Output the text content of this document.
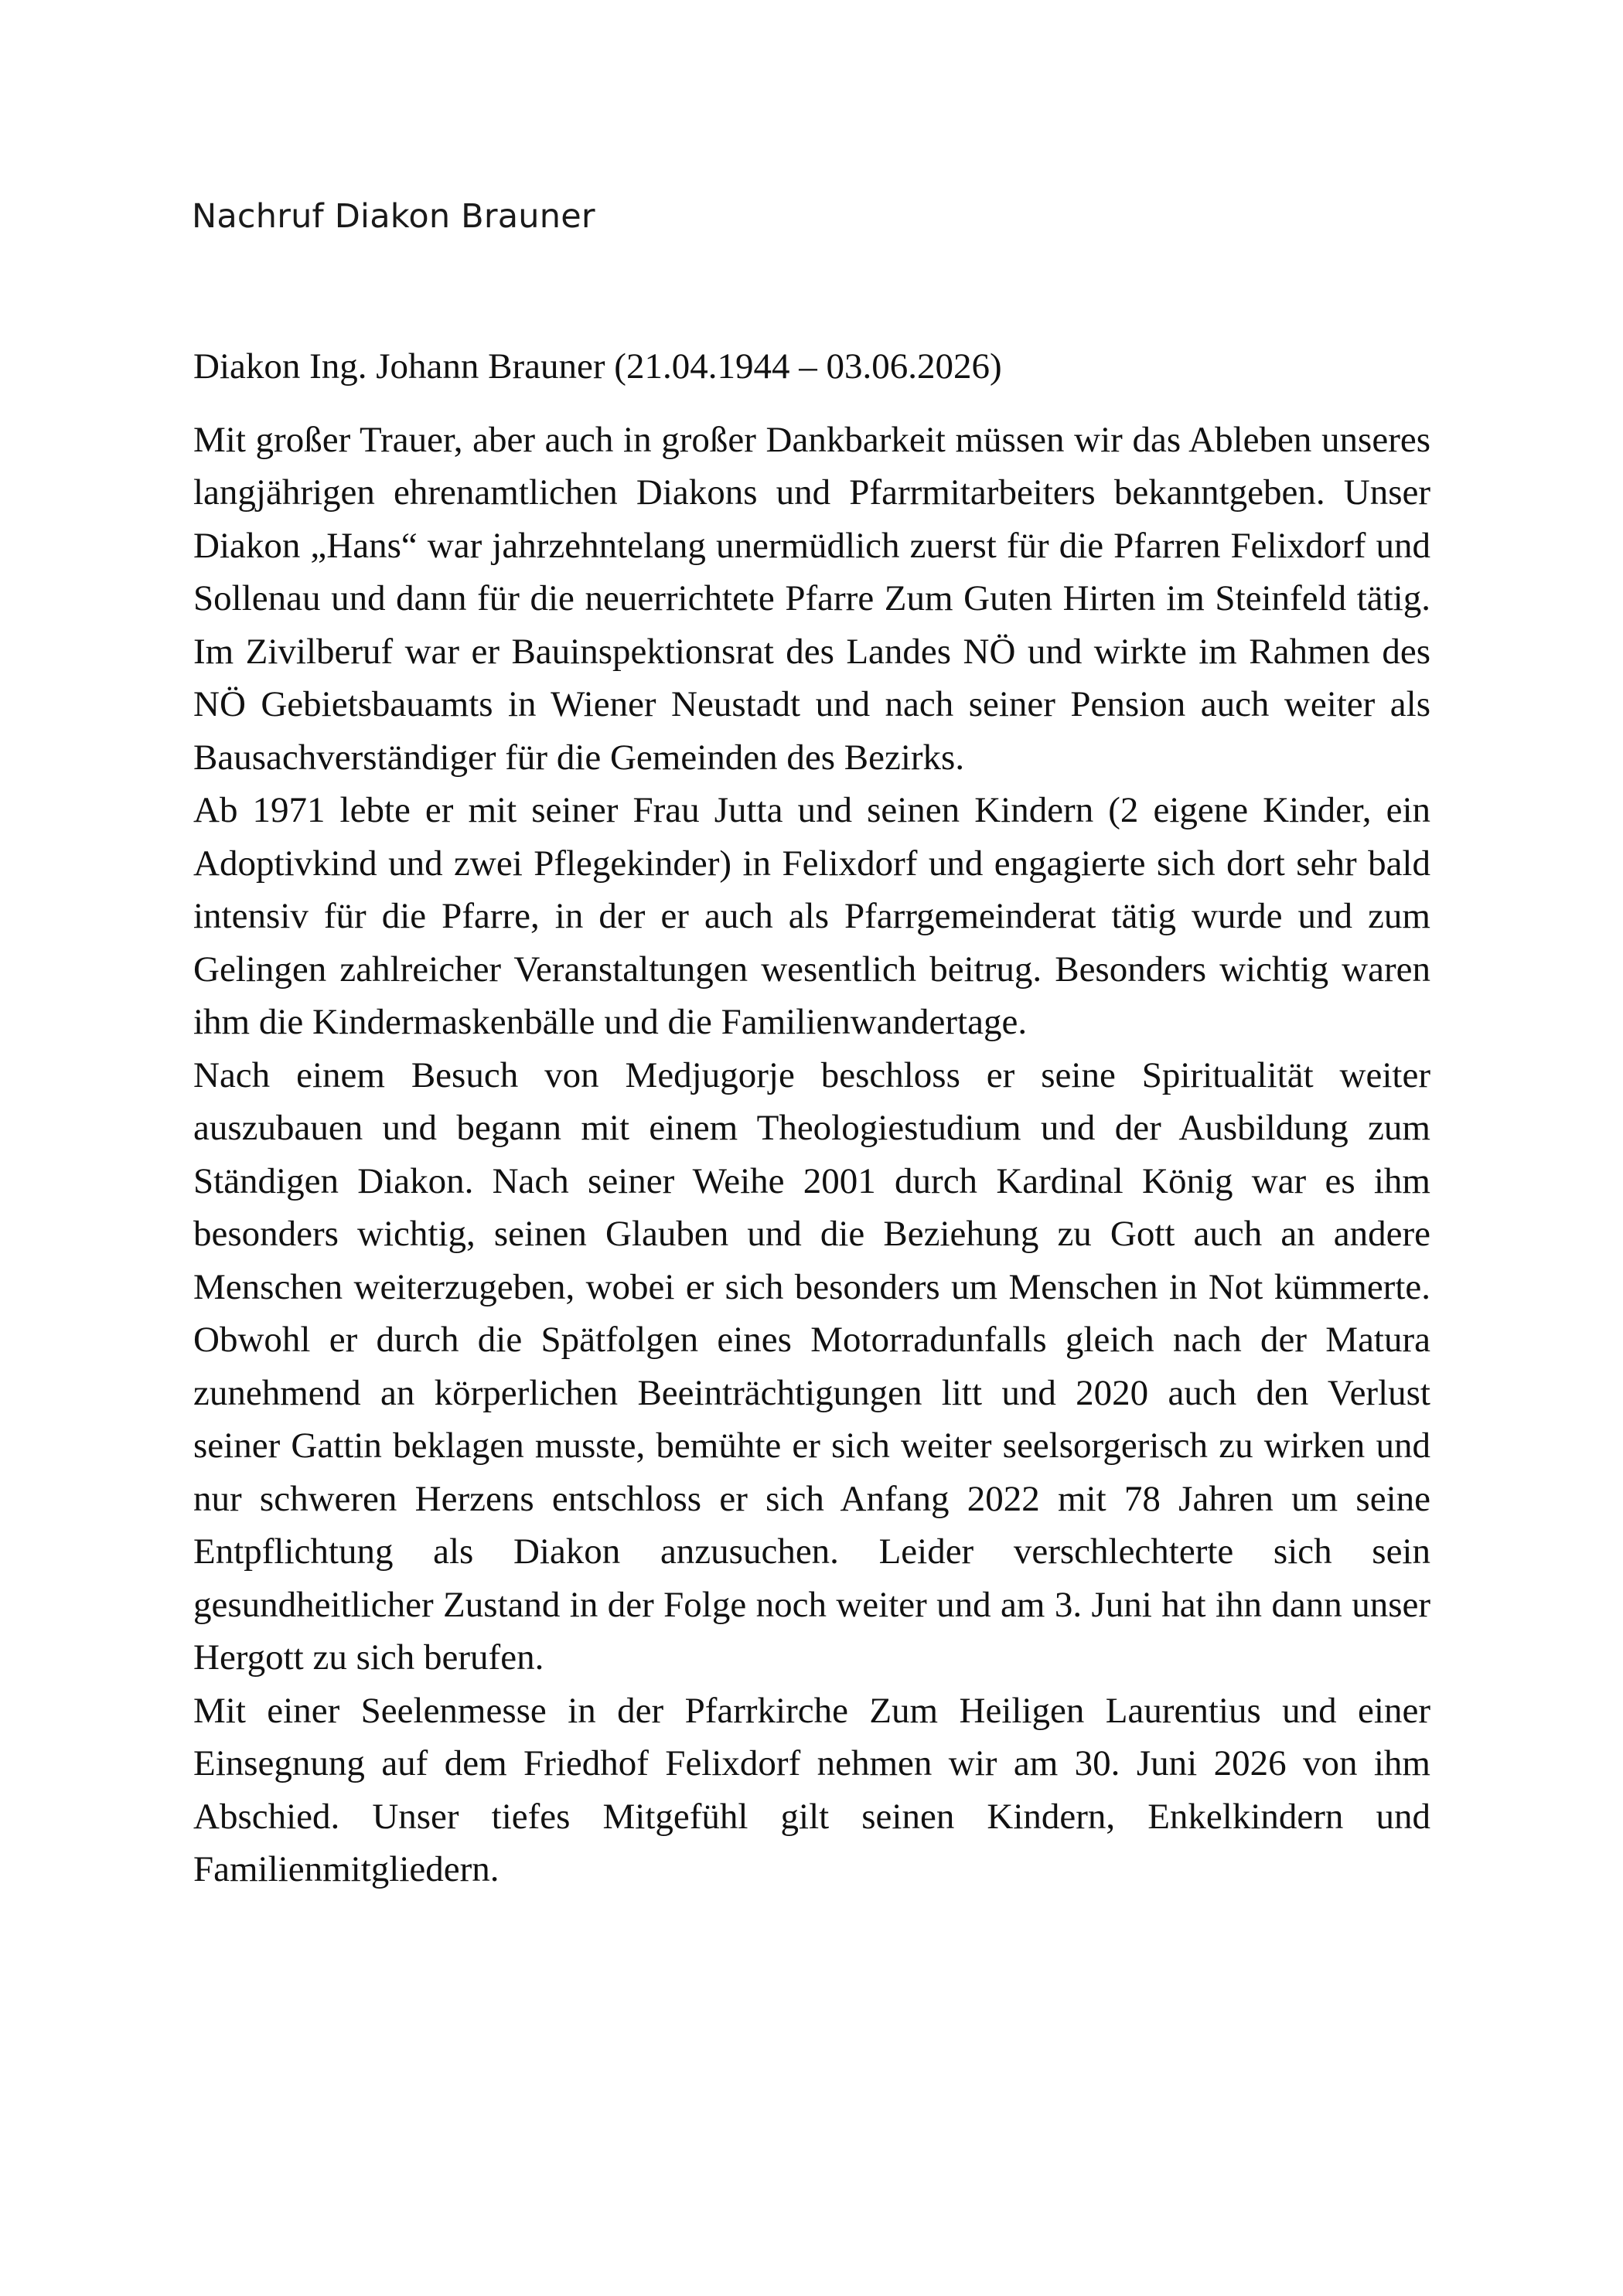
Nachruf Diakon Brauner

Diakon Ing. Johann Brauner (21.04.1944 – 03.06.2026)

Mit großer Trauer, aber auch in großer Dankbarkeit müssen wir das Ableben unseres langjährigen ehrenamtlichen Diakons und Pfarrmitarbeiters bekanntgeben. Unser Diakon „Hans“ war jahrzehntelang unermüdlich zuerst für die Pfarren Felixdorf und Sollenau und dann für die neuerrichtete Pfarre Zum Guten Hirten im Steinfeld tätig. Im Zivilberuf war er Bauinspektionsrat des Landes NÖ und wirkte im Rahmen des NÖ Gebietsbauamts in Wiener Neustadt und nach seiner Pension auch weiter als Bausachverständiger für die Gemeinden des Bezirks.

Ab 1971 lebte er mit seiner Frau Jutta und seinen Kindern (2 eigene Kinder, ein Adoptivkind und zwei Pflegekinder) in Felixdorf und engagierte sich dort sehr bald intensiv für die Pfarre, in der er auch als Pfarrgemeinderat tätig wurde und zum Gelingen zahlreicher Veranstaltungen wesentlich beitrug. Besonders wichtig waren ihm die Kindermaskenbälle und die Familienwandertage.

Nach einem Besuch von Medjugorje beschloss er seine Spiritualität weiter auszubauen und begann mit einem Theologiestudium und der Ausbildung zum Ständigen Diakon. Nach seiner Weihe 2001 durch Kardinal König war es ihm besonders wichtig, seinen Glauben und die Beziehung zu Gott auch an andere Menschen weiterzugeben, wobei er sich besonders um Menschen in Not kümmerte. Obwohl er durch die Spätfolgen eines Motorradunfalls gleich nach der Matura zunehmend an körperlichen Beeinträchtigungen litt und 2020 auch den Verlust seiner Gattin beklagen musste, bemühte er sich weiter seelsorgerisch zu wirken und nur schweren Herzens entschloss er sich Anfang 2022 mit 78 Jahren um seine Entpflichtung als Diakon anzusuchen. Leider verschlechterte sich sein gesundheitlicher Zustand in der Folge noch weiter und am 3. Juni hat ihn dann unser Hergott zu sich berufen.

Mit einer Seelenmesse in der Pfarrkirche Zum Heiligen Laurentius und einer Einsegnung auf dem Friedhof Felixdorf nehmen wir am 30. Juni 2026 von ihm Abschied. Unser tiefes Mitgefühl gilt seinen Kindern, Enkelkindern und Familienmitgliedern.
